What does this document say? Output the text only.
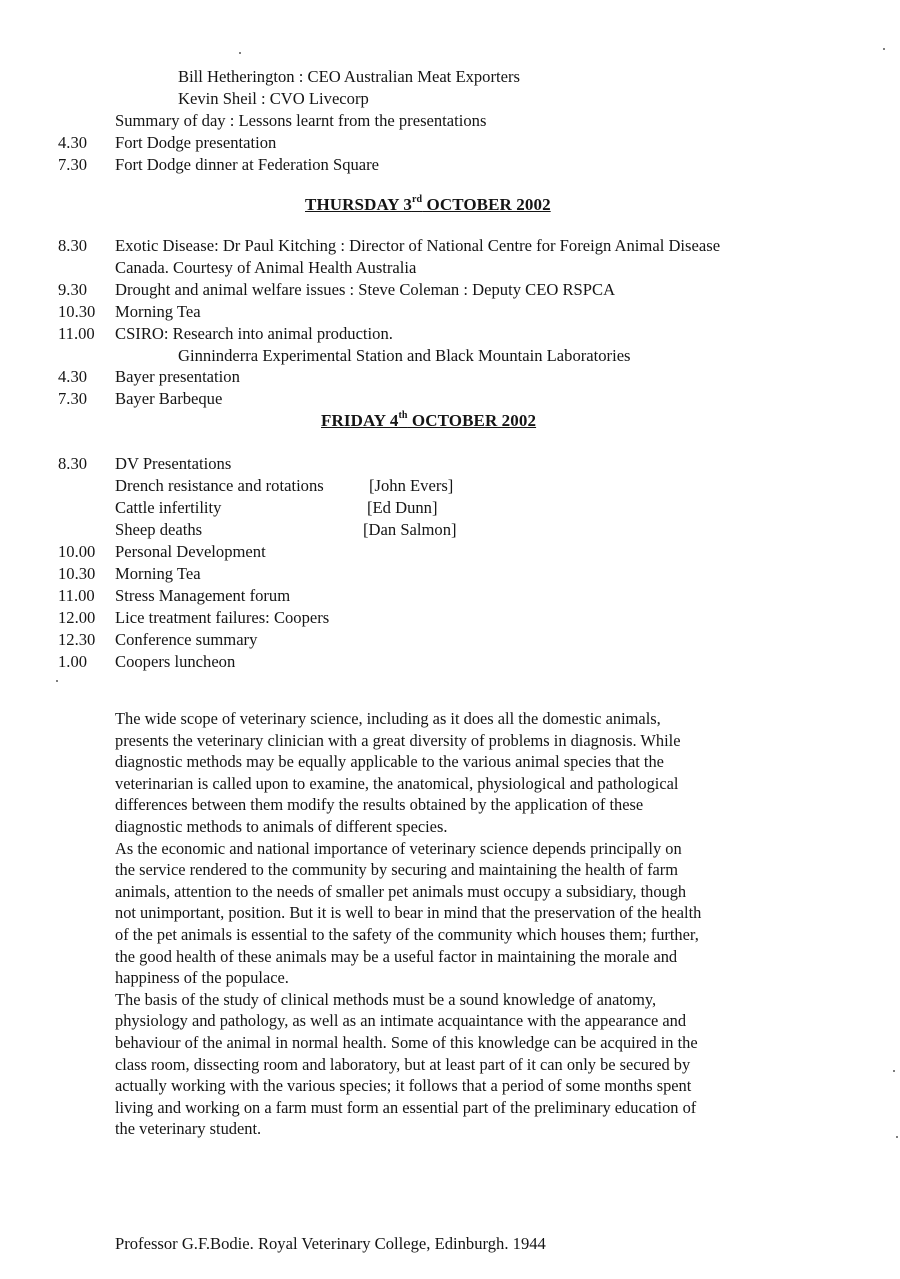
Bill Hetherington : CEO Australian Meat Exporters
Kevin Sheil : CVO Livecorp
Summary of day : Lessons learnt from the presentations
4.30 Fort Dodge presentation
7.30 Fort Dodge dinner at Federation Square
THURSDAY 3rd OCTOBER 2002
8.30 Exotic Disease: Dr Paul Kitching : Director of National Centre for Foreign Animal Disease
Canada. Courtesy of Animal Health Australia
9.30 Drought and animal welfare issues : Steve Coleman : Deputy CEO RSPCA
10.30 Morning Tea
11.00 CSIRO: Research into animal production.
Ginninderra Experimental Station and Black Mountain Laboratories
4.30 Bayer presentation
7.30 Bayer Barbeque
FRIDAY 4th OCTOBER 2002
8.30 DV Presentations
Drench resistance and rotations	[John Evers]
Cattle infertility	[Ed Dunn]
Sheep deaths	[Dan Salmon]
10.00 Personal Development
10.30 Morning Tea
11.00 Stress Management forum
12.00 Lice treatment failures: Coopers
12.30 Conference summary
1.00 Coopers luncheon

The wide scope of veterinary science, including as it does all the domestic animals, presents the veterinary clinician with a great diversity of problems in diagnosis. While diagnostic methods may be equally applicable to the various animal species that the veterinarian is called upon to examine, the anatomical, physiological and pathological differences between them modify the results obtained by the application of these diagnostic methods to animals of different species.

As the economic and national importance of veterinary science depends principally on the service rendered to the community by securing and maintaining the health of farm animals, attention to the needs of smaller pet animals must occupy a subsidiary, though not unimportant, position. But it is well to bear in mind that the preservation of the health of the pet animals is essential to the safety of the community which houses them; further, the good health of these animals may be a useful factor in maintaining the morale and happiness of the populace.

The basis of the study of clinical methods must be a sound knowledge of anatomy, physiology and pathology, as well as an intimate acquaintance with the appearance and behaviour of the animal in normal health. Some of this knowledge can be acquired in the class room, dissecting room and laboratory, but at least part of it can only be secured by actually working with the various species; it follows that a period of some months spent living and working on a farm must form an essential part of the preliminary education of the veterinary student.

Professor G.F.Bodie. Royal Veterinary College, Edinburgh. 1944
